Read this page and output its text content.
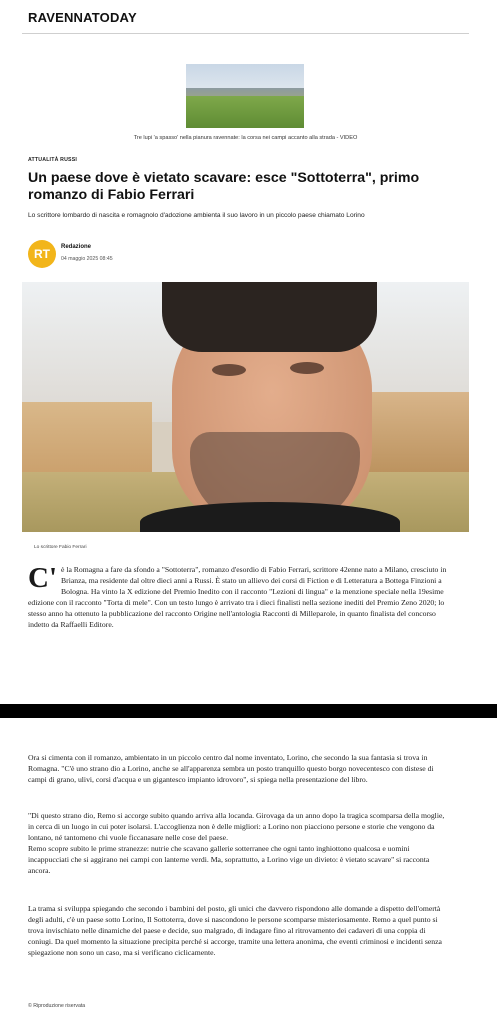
RAVENNATODAY
Tre lupi 'a spasso' nella pianura ravennate: la corsa nei campi accanto alla strada - VIDEO
ATTUALITÀ RUSSI
Un paese dove è vietato scavare: esce "Sottoterra", primo romanzo di Fabio Ferrari
Lo scrittore lombardo di nascita e romagnolo d'adozione ambienta il suo lavoro in un piccolo paese chiamato Lorino
RT	Redazione
04 maggio 2025 08:45
Lo scrittore Fabio Ferrari
C' è la Romagna a fare da sfondo a "Sottoterra", romanzo d'esordio di Fabio Ferrari, scrittore 42enne nato a Milano, cresciuto in Brianza, ma residente dal oltre dieci anni a Russi. È stato un allievo dei corsi di Fiction e di Letteratura a Bottega Finzioni a Bologna. Ha vinto la X edizione del Premio Inedito con il racconto "Lezioni di lingua" e la menzione speciale nella 19esime edizione con il racconto "Torta di mele". Con un testo lungo è arrivato tra i dieci finalisti nella sezione inediti del Premio Zeno 2020; lo stesso anno ha ottenuto la pubblicazione del racconto Origine nell'antologia Racconti di Milleparole, in quanto finalista del concorso indetto da Raffaelli Editore.

Ora si cimenta con il romanzo, ambientato in un piccolo centro dal nome inventato, Lorino, che secondo la sua fantasia si trova in Romagna. "C'è uno strano dio a Lorino, anche se all'apparenza sembra un posto tranquillo questo borgo novecentesco con distese di campi di grano, ulivi, corsi d'acqua e un gigantesco impianto idrovoro", si spiega nella presentazione del libro.

"Di questo strano dio, Remo si accorge subito quando arriva alla locanda. Girovaga da un anno dopo la tragica scomparsa della moglie, in cerca di un luogo in cui poter isolarsi. L'accoglienza non è delle migliori: a Lorino non piacciono persone e storie che vengono da lontano, né tantomeno chi vuole ficcanasare nelle cose del paese.

Remo scopre subito le prime stranezze: nutrie che scavano gallerie sotterranee che ogni tanto inghiottono qualcosa e uomini incappucciati che si aggirano nei campi con lanterne verdi. Ma, soprattutto, a Lorino vige un divieto: è vietato scavare" si racconta ancora.

La trama si sviluppa spiegando che secondo i bambini del posto, gli unici che davvero rispondono alle domande a dispetto dell'omertà degli adulti, c'è un paese sotto Lorino, Il Sottoterra, dove si nascondono le persone scomparse misteriosamente. Remo a quel punto si trova invischiato nelle dinamiche del paese e decide, suo malgrado, di indagare fino al ritrovamento dei cadaveri di una coppia di coniugi. Da quel momento la situazione precipita perché si accorge, tramite una lettera anonima, che eventi criminosi e incidenti senza spiegazione non sono un caso, ma si verificano ciclicamente.

© Riproduzione riservata
